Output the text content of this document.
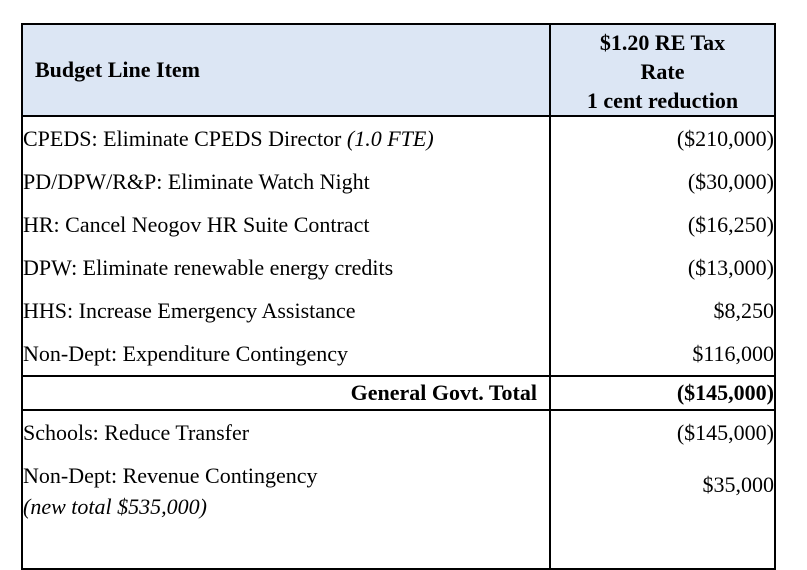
Budget Line Item	$1.20 RE Tax
Rate
1 cent reduction

CPEDS: Eliminate CPEDS Director (1.0 FTE)	($210,000)
PD/DPW/R&P: Eliminate Watch Night	($30,000)
HR: Cancel Neogov HR Suite Contract	($16,250)
DPW: Eliminate renewable energy credits	($13,000)
HHS: Increase Emergency Assistance	$8,250
Non-Dept: Expenditure Contingency	$116,000
General Govt. Total	($145,000)
Schools: Reduce Transfer	($145,000)

Non-Dept: Revenue Contingency
(new total $535,000)	$35,000
